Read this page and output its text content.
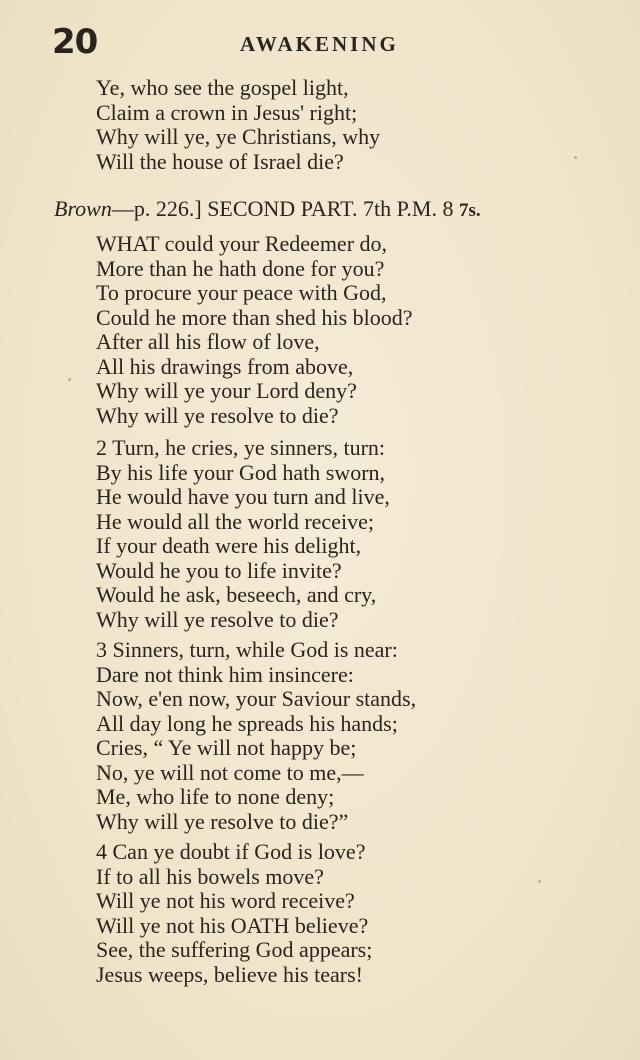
20	AWAKENING
Ye, who see the gospel light,
Claim a crown in Jesus' right;
Why will ye, ye Christians, why
Will the house of Israel die?
Brown—p. 226.] SECOND PART. 7th P.M. 8 7s.
WHAT could your Redeemer do,
More than he hath done for you?
To procure your peace with God,
Could he more than shed his blood?
After all his flow of love,
All his drawings from above,
Why will ye your Lord deny?
Why will ye resolve to die?
2 Turn, he cries, ye sinners, turn:
By his life your God hath sworn,
He would have you turn and live,
He would all the world receive;
If your death were his delight,
Would he you to life invite?
Would he ask, beseech, and cry,
Why will ye resolve to die?
3 Sinners, turn, while God is near:
Dare not think him insincere:
Now, e'en now, your Saviour stands,
All day long he spreads his hands;
Cries, “ Ye will not happy be;
No, ye will not come to me,—
Me, who life to none deny;
Why will ye resolve to die?”
4 Can ye doubt if God is love?
If to all his bowels move?
Will ye not his word receive?
Will ye not his OATH believe?
See, the suffering God appears;
Jesus weeps, believe his tears!
